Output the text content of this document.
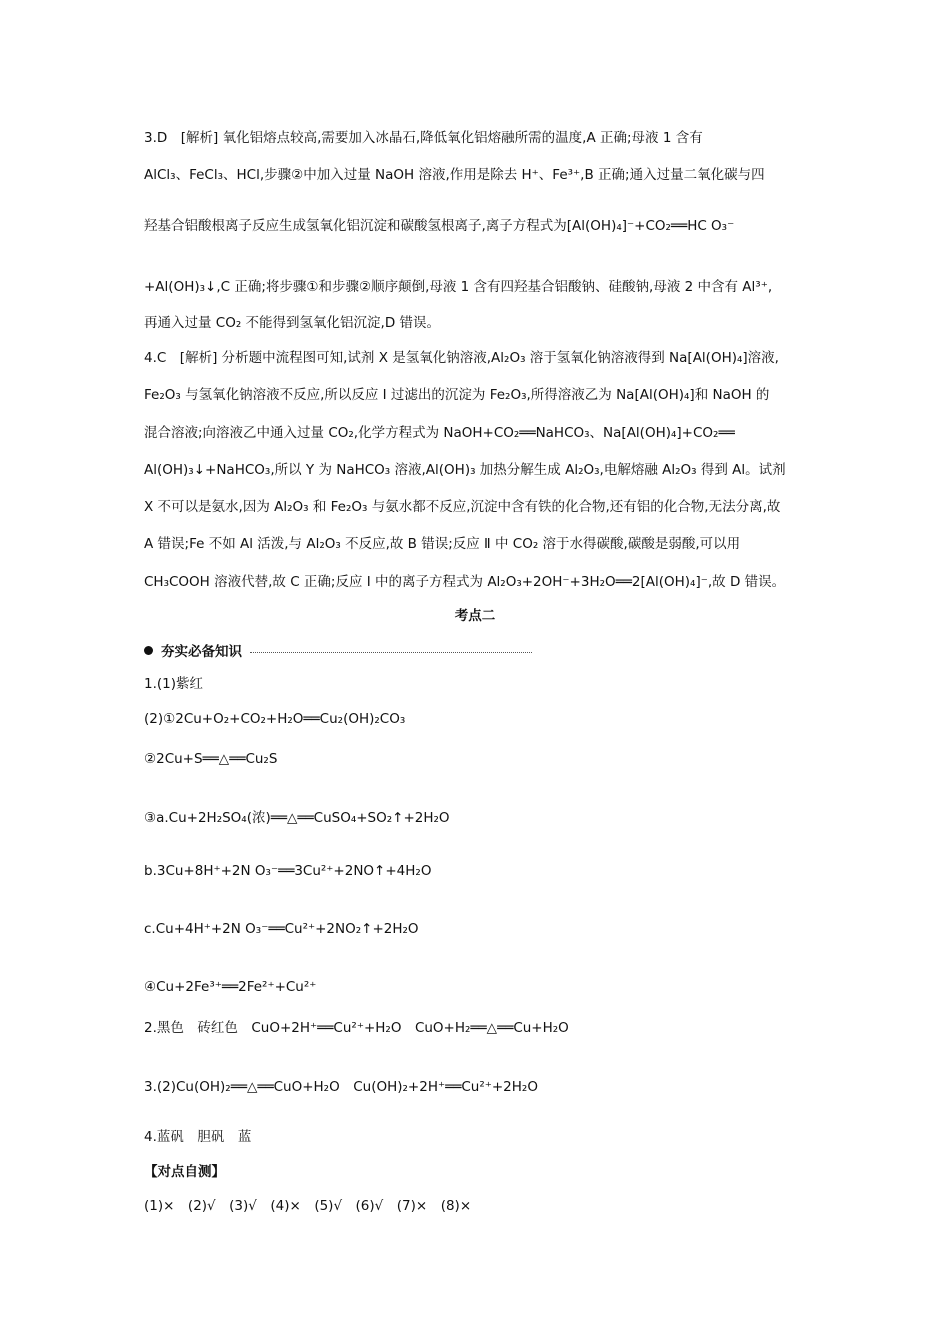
3.D　[解析] 氧化铝熔点较高,需要加入冰晶石,降低氧化铝熔融所需的温度,A 正确;母液 1 含有
AlCl₃、FeCl₃、HCl,步骤②中加入过量 NaOH 溶液,作用是除去 H⁺、Fe³⁺,B 正确;通入过量二氧化碳与四
羟基合铝酸根离子反应生成氢氧化铝沉淀和碳酸氢根离子,离子方程式为[Al(OH)₄]⁻+CO₂══HC O₃⁻
+Al(OH)₃↓,C 正确;将步骤①和步骤②顺序颠倒,母液 1 含有四羟基合铝酸钠、硅酸钠,母液 2 中含有 Al³⁺,
再通入过量 CO₂ 不能得到氢氧化铝沉淀,D 错误。
4.C　[解析] 分析题中流程图可知,试剂 X 是氢氧化钠溶液,Al₂O₃ 溶于氢氧化钠溶液得到 Na[Al(OH)₄]溶液,
Fe₂O₃ 与氢氧化钠溶液不反应,所以反应 Ⅰ 过滤出的沉淀为 Fe₂O₃,所得溶液乙为 Na[Al(OH)₄]和 NaOH 的
混合溶液;向溶液乙中通入过量 CO₂,化学方程式为 NaOH+CO₂══NaHCO₃、Na[Al(OH)₄]+CO₂══
Al(OH)₃↓+NaHCO₃,所以 Y 为 NaHCO₃ 溶液,Al(OH)₃ 加热分解生成 Al₂O₃,电解熔融 Al₂O₃ 得到 Al。试剂
X 不可以是氨水,因为 Al₂O₃ 和 Fe₂O₃ 与氨水都不反应,沉淀中含有铁的化合物,还有铝的化合物,无法分离,故
A 错误;Fe 不如 Al 活泼,与 Al₂O₃ 不反应,故 B 错误;反应 Ⅱ 中 CO₂ 溶于水得碳酸,碳酸是弱酸,可以用
CH₃COOH 溶液代替,故 C 正确;反应 Ⅰ 中的离子方程式为 Al₂O₃+2OH⁻+3H₂O══2[Al(OH)₄]⁻,故 D 错误。
考点二
夯实必备知识
1.(1)紫红
(2)①2Cu+O₂+CO₂+H₂O══Cu₂(OH)₂CO₃
②2Cu+S══△══Cu₂S
③a.Cu+2H₂SO₄(浓)══△══CuSO₄+SO₂↑+2H₂O
b.3Cu+8H⁺+2N O₃⁻══3Cu²⁺+2NO↑+4H₂O
c.Cu+4H⁺+2N O₃⁻══Cu²⁺+2NO₂↑+2H₂O
④Cu+2Fe³⁺══2Fe²⁺+Cu²⁺
2.黑色　砖红色　CuO+2H⁺══Cu²⁺+H₂O　CuO+H₂══△══Cu+H₂O
3.(2)Cu(OH)₂══△══CuO+H₂O　Cu(OH)₂+2H⁺══Cu²⁺+2H₂O
4.蓝矾　胆矾　蓝
【对点自测】
(1)×　(2)√　(3)√　(4)×　(5)√　(6)√　(7)×　(8)×
